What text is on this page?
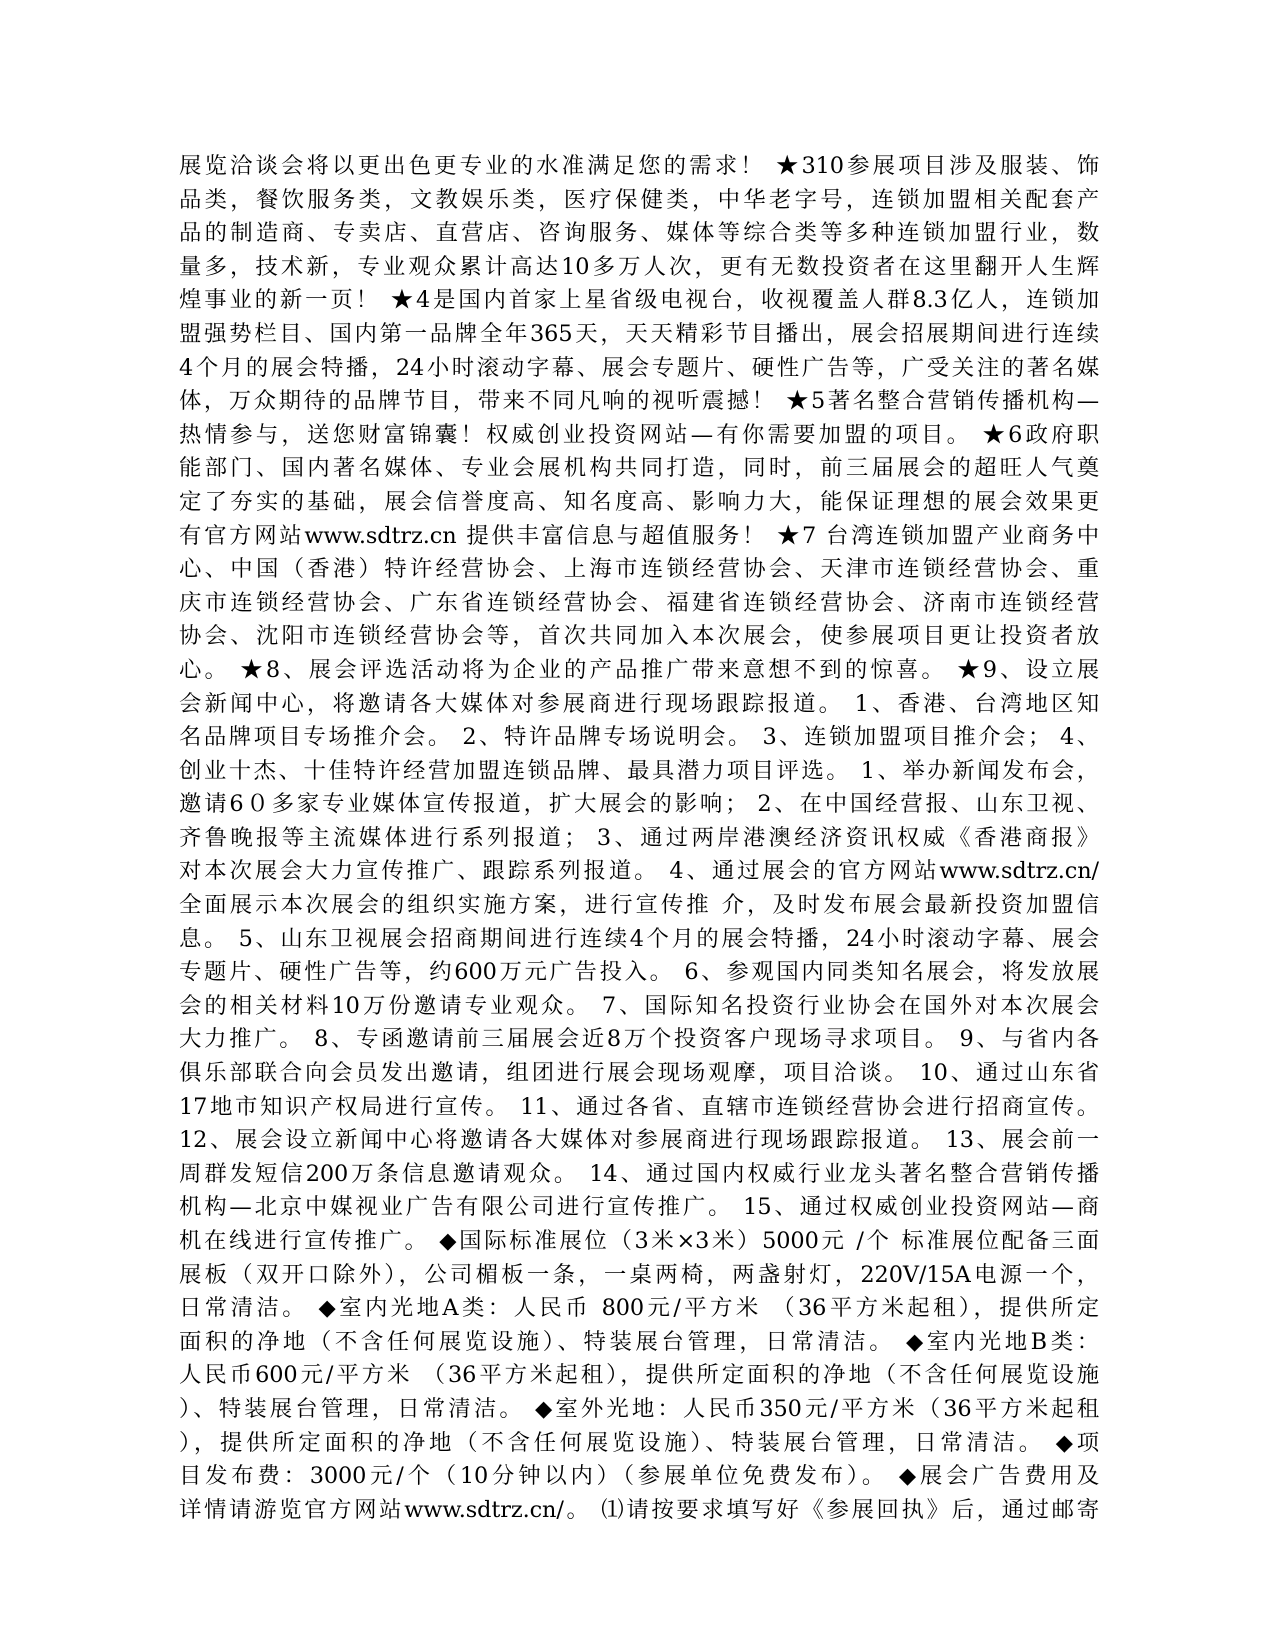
展览洽谈会将以更出色更专业的水准满足您的需求！ ★310参展项目涉及服装、饰
品类，餐饮服务类，文教娱乐类，医疗保健类，中华老字号，连锁加盟相关配套产
品的制造商、专卖店、直营店、咨询服务、媒体等综合类等多种连锁加盟行业，数
量多，技术新，专业观众累计高达10多万人次，更有无数投资者在这里翻开人生辉
煌事业的新一页！ ★4是国内首家上星省级电视台，收视覆盖人群8.3亿人，连锁加
盟强势栏目、国内第一品牌全年365天，天天精彩节目播出，展会招展期间进行连续
4个月的展会特播，24小时滚动字幕、展会专题片、硬性广告等，广受关注的著名媒
体，万众期待的品牌节目，带来不同凡响的视听震撼！ ★5著名整合营销传播机构—
热情参与，送您财富锦囊！权威创业投资网站—有你需要加盟的项目。 ★6政府职
能部门、国内著名媒体、专业会展机构共同打造，同时，前三届展会的超旺人气奠
定了夯实的基础，展会信誉度高、知名度高、影响力大，能保证理想的展会效果更
有官方网站www.sdtrz.cn 提供丰富信息与超值服务！ ★7 台湾连锁加盟产业商务中
心、中国（香港）特许经营协会、上海市连锁经营协会、天津市连锁经营协会、重
庆市连锁经营协会、广东省连锁经营协会、福建省连锁经营协会、济南市连锁经营
协会、沈阳市连锁经营协会等，首次共同加入本次展会，使参展项目更让投资者放
心。 ★8、展会评选活动将为企业的产品推广带来意想不到的惊喜。 ★9、设立展
会新闻中心，将邀请各大媒体对参展商进行现场跟踪报道。 1、香港、台湾地区知
名品牌项目专场推介会。 2、特许品牌专场说明会。 3、连锁加盟项目推介会； 4、
创业十杰、十佳特许经营加盟连锁品牌、最具潜力项目评选。 1、举办新闻发布会，
邀请6０多家专业媒体宣传报道，扩大展会的影响； 2、在中国经营报、山东卫视、
齐鲁晚报等主流媒体进行系列报道； 3、通过两岸港澳经济资讯权威《香港商报》
对本次展会大力宣传推广、跟踪系列报道。 4、通过展会的官方网站www.sdtrz.cn/
全面展示本次展会的组织实施方案，进行宣传推 介，及时发布展会最新投资加盟信
息。 5、山东卫视展会招商期间进行连续4个月的展会特播，24小时滚动字幕、展会
专题片、硬性广告等，约600万元广告投入。 6、参观国内同类知名展会，将发放展
会的相关材料10万份邀请专业观众。 7、国际知名投资行业协会在国外对本次展会
大力推广。 8、专函邀请前三届展会近8万个投资客户现场寻求项目。 9、与省内各
俱乐部联合向会员发出邀请，组团进行展会现场观摩，项目洽谈。 10、通过山东省
17地市知识产权局进行宣传。 11、通过各省、直辖市连锁经营协会进行招商宣传。
12、展会设立新闻中心将邀请各大媒体对参展商进行现场跟踪报道。 13、展会前一
周群发短信200万条信息邀请观众。 14、通过国内权威行业龙头著名整合营销传播
机构—北京中媒视业广告有限公司进行宣传推广。 15、通过权威创业投资网站—商
机在线进行宣传推广。 ◆国际标准展位（3米×3米）5000元 /个 标准展位配备三面
展板（双开口除外），公司楣板一条，一桌两椅，两盏射灯，220V/15A电源一个，
日常清洁。 ◆室内光地A类：人民币 800元/平方米 （36平方米起租），提供所定
面积的净地（不含任何展览设施）、特装展台管理，日常清洁。 ◆室内光地B类：
人民币600元/平方米 （36平方米起租），提供所定面积的净地（不含任何展览设施
）、特装展台管理，日常清洁。 ◆室外光地：人民币350元/平方米（36平方米起租
），提供所定面积的净地（不含任何展览设施）、特装展台管理，日常清洁。 ◆项
目发布费：3000元/个（10分钟以内）（参展单位免费发布）。 ◆展会广告费用及
详情请游览官方网站www.sdtrz.cn/。 ⑴请按要求填写好《参展回执》后，通过邮寄
